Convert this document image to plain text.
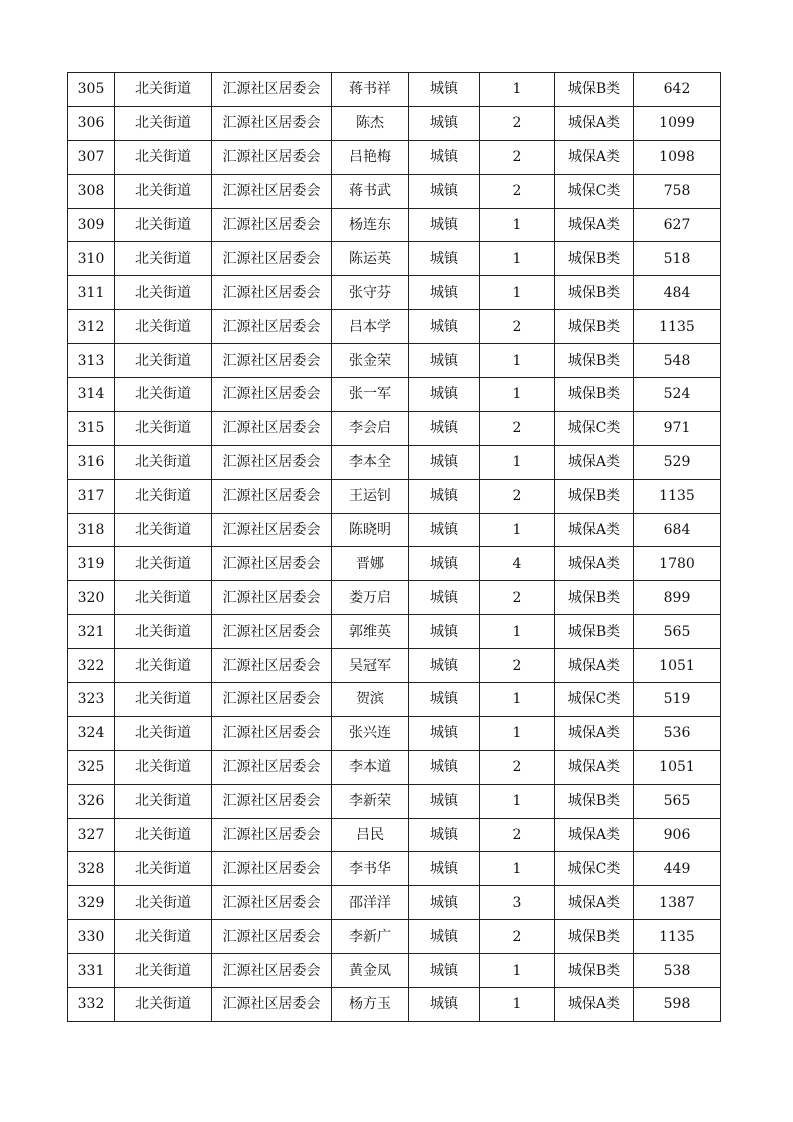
305	北关街道	汇源社区居委会	蒋书祥	城镇	1	城保B类	642
306	北关街道	汇源社区居委会	陈杰	城镇	2	城保A类	1099
307	北关街道	汇源社区居委会	吕艳梅	城镇	2	城保A类	1098
308	北关街道	汇源社区居委会	蒋书武	城镇	2	城保C类	758
309	北关街道	汇源社区居委会	杨连东	城镇	1	城保A类	627
310	北关街道	汇源社区居委会	陈运英	城镇	1	城保B类	518
311	北关街道	汇源社区居委会	张守芬	城镇	1	城保B类	484
312	北关街道	汇源社区居委会	吕本学	城镇	2	城保B类	1135
313	北关街道	汇源社区居委会	张金荣	城镇	1	城保B类	548
314	北关街道	汇源社区居委会	张一军	城镇	1	城保B类	524
315	北关街道	汇源社区居委会	李会启	城镇	2	城保C类	971
316	北关街道	汇源社区居委会	李本全	城镇	1	城保A类	529
317	北关街道	汇源社区居委会	王运钊	城镇	2	城保B类	1135
318	北关街道	汇源社区居委会	陈晓明	城镇	1	城保A类	684
319	北关街道	汇源社区居委会	晋娜	城镇	4	城保A类	1780
320	北关街道	汇源社区居委会	娄万启	城镇	2	城保B类	899
321	北关街道	汇源社区居委会	郭维英	城镇	1	城保B类	565
322	北关街道	汇源社区居委会	吴冠军	城镇	2	城保A类	1051
323	北关街道	汇源社区居委会	贺滨	城镇	1	城保C类	519
324	北关街道	汇源社区居委会	张兴连	城镇	1	城保A类	536
325	北关街道	汇源社区居委会	李本道	城镇	2	城保A类	1051
326	北关街道	汇源社区居委会	李新荣	城镇	1	城保B类	565
327	北关街道	汇源社区居委会	吕民	城镇	2	城保A类	906
328	北关街道	汇源社区居委会	李书华	城镇	1	城保C类	449
329	北关街道	汇源社区居委会	邵洋洋	城镇	3	城保A类	1387
330	北关街道	汇源社区居委会	李新广	城镇	2	城保B类	1135
331	北关街道	汇源社区居委会	黄金凤	城镇	1	城保B类	538
332	北关街道	汇源社区居委会	杨方玉	城镇	1	城保A类	598
